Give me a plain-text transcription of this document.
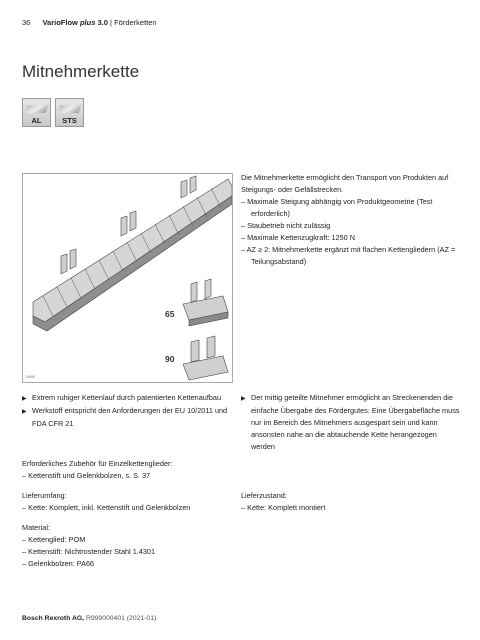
36 VarioFlow plus 3.0 | Förderketten
Mitnehmerkette
AL	STS
65
90
14696

Die Mitnehmerkette ermöglicht den Transport von Produkten auf Steigungs- oder Gefällstrecken.

– Maximale Steigung abhängig von Produktgeometrie (Test erforderlich)

– Staubetrieb nicht zulässig

– Maximale Kettenzugkraft: 1250 N

– AZ ≥ 2: Mitnehmerkette ergänzt mit flachen Kettengliedern (AZ = Teilungsabstand)

▶ Extrem ruhiger Kettenlauf durch patentierten Kettenaufbau

▶ Werkstoff entspricht den Anforderungen der EU 10/2011 und FDA CFR 21

▶ Der mittig geteilte Mitnehmer ermöglicht an Streckenenden die einfache Übergabe des Fördergutes: Eine Übergabefläche muss nur im Bereich des Mitnehmers ausgespart sein und kann ansonsten nahe an die abtauchende Kette herangezogen werden

Erforderliches Zubehör für Einzelkettenglieder:

– Kettenstift und Gelenkbolzen, s. S. 37

Lieferumfang:

– Kette: Komplett, inkl. Kettenstift und Gelenkbolzen

Lieferzustand:

– Kette: Komplett montiert

Material:

– Kettenglied: POM

– Kettenstift: Nichtrostender Stahl 1.4301

– Gelenkbolzen: PA66

Bosch Rexroth AG, R999000401 (2021-01)
